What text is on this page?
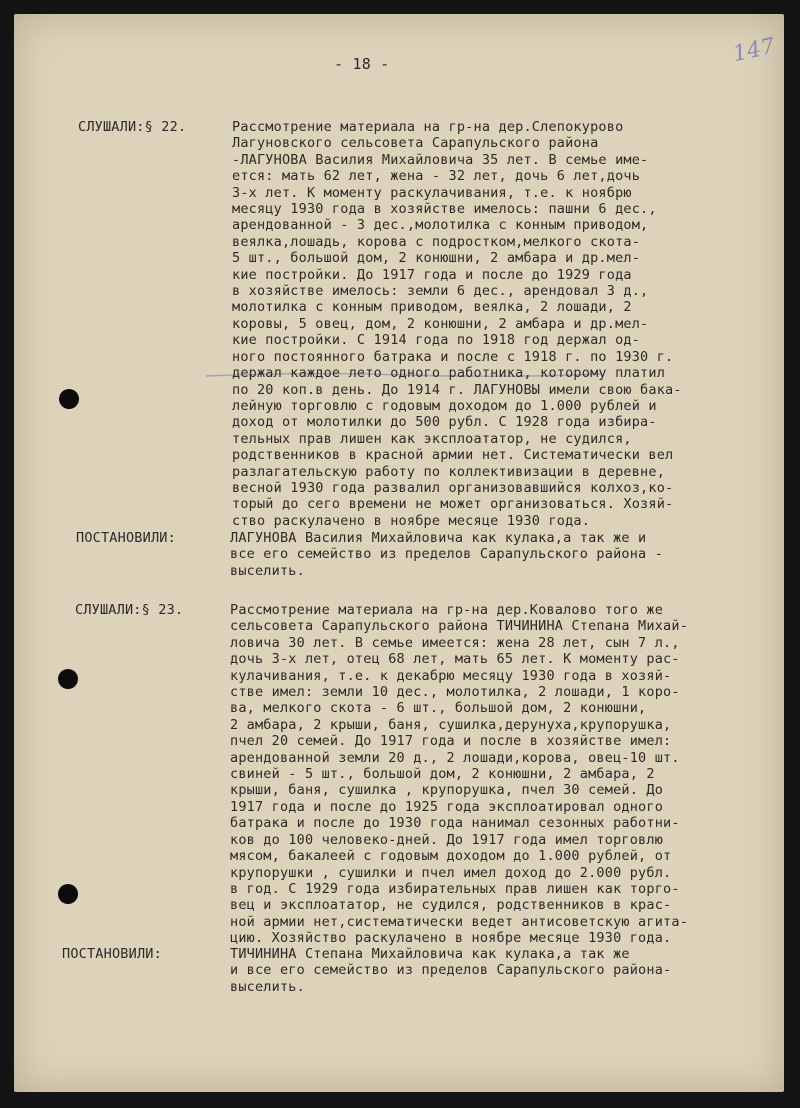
- 18 -	147
СЛУШАЛИ:§ 22.	Рассмотрение материала на гр-на дер.Слепокурово
Лагуновского сельсовета Сарапульского района
-ЛАГУНОВА Василия Михайловича 35 лет. В семье име-
ется: мать 62 лет, жена - 32 лет, дочь 6 лет,дочь
3-х лет. К моменту раскулачивания, т.е. к ноябрю
месяцу 1930 года в хозяйстве имелось: пашни 6 дес.,
арендованной - 3 дес.,молотилка с конным приводом,
веялка,лошадь, корова с подростком,мелкого скота-
5 шт., большой дом, 2 конюшни, 2 амбара и др.мел-
кие постройки. До 1917 года и после до 1929 года
в хозяйстве имелось: земли 6 дес., арендовал 3 д.,
молотилка с конным приводом, веялка, 2 лошади, 2
коровы, 5 овец, дом, 2 конюшни, 2 амбара и др.мел-
кие постройки. С 1914 года по 1918 год держал од-
ного постоянного батрака и после с 1918 г. по 1930 г.
держал каждое лето одного работника, которому платил
по 20 коп.в день. До 1914 г. ЛАГУНОВЫ имели свою бака-
лейную торговлю с годовым доходом до 1.000 рублей и
доход от молотилки до 500 рубл. С 1928 года избира-
тельных прав лишен как эксплоататор, не судился,
родственников в красной армии нет. Систематически вел
разлагательскую работу по коллективизации в деревне,
весной 1930 года развалил организовавшийся колхоз,ко-
торый до сего времени не может организоваться. Хозяй-
ство раскулачено в ноябре месяце 1930 года.
ПОСТАНОВИЛИ:	ЛАГУНОВА Василия Михайловича как кулака,а так же и
все его семейство из пределов Сарапульского района -
выселить.
СЛУШАЛИ:§ 23.	Рассмотрение материала на гр-на дер.Ковалово того же
сельсовета Сарапульского района ТИЧИНИНА Степана Михай-
ловича 30 лет. В семье имеется: жена 28 лет, сын 7 л.,
дочь 3-х лет, отец 68 лет, мать 65 лет. К моменту рас-
кулачивания, т.е. к декабрю месяцу 1930 года в хозяй-
стве имел: земли 10 дес., молотилка, 2 лошади, 1 коро-
ва, мелкого скота - 6 шт., большой дом, 2 конюшни,
2 амбара, 2 крыши, баня, сушилка,дерунуха,крупорушка,
пчел 20 семей. До 1917 года и после в хозяйстве имел:
арендованной земли 20 д., 2 лошади,корова, овец-10 шт.
свиней - 5 шт., большой дом, 2 конюшни, 2 амбара, 2
крыши, баня, сушилка , крупорушка, пчел 30 семей. До
1917 года и после до 1925 года эксплоатировал одного
батрака и после до 1930 года нанимал сезонных работни-
ков до 100 человеко-дней. До 1917 года имел торговлю
мясом, бакалеей с годовым доходом до 1.000 рублей, от
крупорушки , сушилки и пчел имел доход до 2.000 рубл.
в год. С 1929 года избирательных прав лишен как торго-
вец и эксплоататор, не судился, родственников в крас-
ной армии нет,систематически ведет антисоветскую агита-
цию. Хозяйство раскулачено в ноябре месяце 1930 года.
ПОСТАНОВИЛИ:	ТИЧИНИНА Степана Михайловича как кулака,а так же
и все его семейство из пределов Сарапульского района-
выселить.
